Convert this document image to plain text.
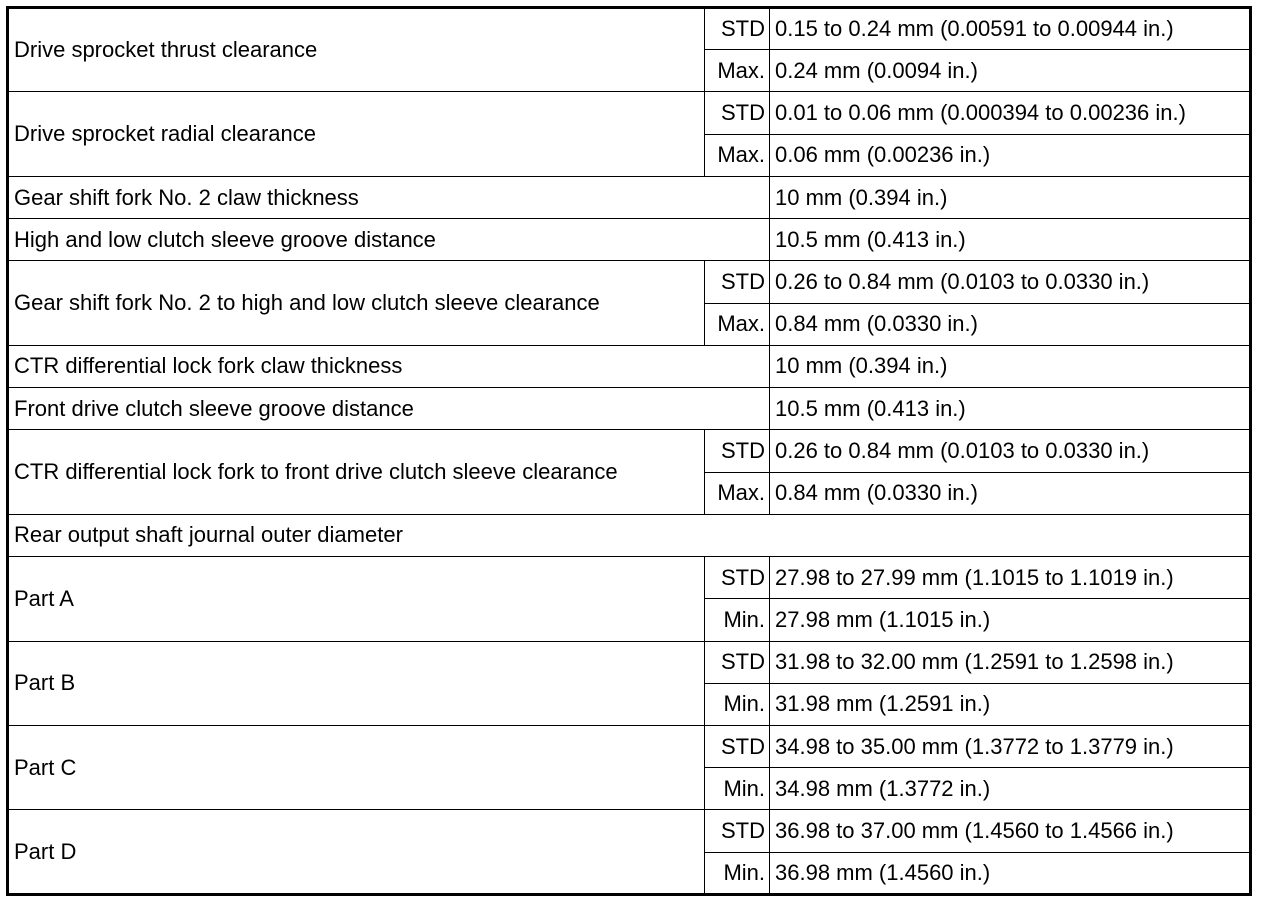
Drive sprocket thrust clearance	STD	0.15 to 0.24 mm (0.00591 to 0.00944 in.)
	Max.	0.24 mm (0.0094 in.)
Drive sprocket radial clearance	STD	0.01 to 0.06 mm (0.000394 to 0.00236 in.)
	Max.	0.06 mm (0.00236 in.)
Gear shift fork No. 2 claw thickness		10 mm (0.394 in.)
High and low clutch sleeve groove distance		10.5 mm (0.413 in.)
Gear shift fork No. 2 to high and low clutch sleeve clearance	STD	0.26 to 0.84 mm (0.0103 to 0.0330 in.)
	Max.	0.84 mm (0.0330 in.)
CTR differential lock fork claw thickness		10 mm (0.394 in.)
Front drive clutch sleeve groove distance		10.5 mm (0.413 in.)
CTR differential lock fork to front drive clutch sleeve clearance	STD	0.26 to 0.84 mm (0.0103 to 0.0330 in.)
	Max.	0.84 mm (0.0330 in.)
Rear output shaft journal outer diameter		
Part A	STD	27.98 to 27.99 mm (1.1015 to 1.1019 in.)
	Min.	27.98 mm (1.1015 in.)
Part B	STD	31.98 to 32.00 mm (1.2591 to 1.2598 in.)
	Min.	31.98 mm (1.2591 in.)
Part C	STD	34.98 to 35.00 mm (1.3772 to 1.3779 in.)
	Min.	34.98 mm (1.3772 in.)
Part D	STD	36.98 to 37.00 mm (1.4560 to 1.4566 in.)
	Min.	36.98 mm (1.4560 in.)
